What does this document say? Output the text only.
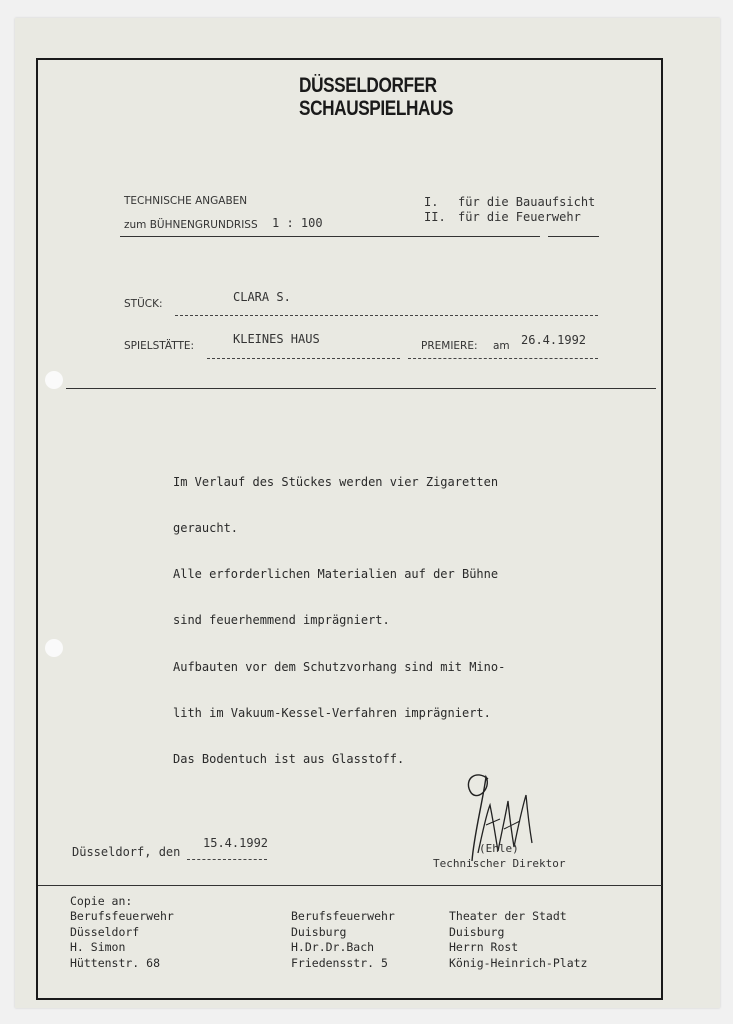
DÜSSELDORFER
SCHAUSPIELHAUS
TECHNISCHE ANGABEN
zum BÜHNENGRUNDRISS 1 : 100
I. für die Bauaufsicht
II. für die Feuerwehr
STÜCK:	CLARA S.
SPIELSTÄTTE:	KLEINES HAUS	PREMIERE: am 26.4.1992

Im Verlauf des Stückes werden vier Zigaretten

geraucht.

Alle erforderlichen Materialien auf der Bühne

sind feuerhemmend imprägniert.

Aufbauten vor dem Schutzvorhang sind mit Mino-

lith im Vakuum-Kessel-Verfahren imprägniert.

Das Bodentuch ist aus Glasstoff.

Düsseldorf, den
15.4.1992	(Ehle)
Technischer Direktor
Copie an:
Berufsfeuerwehr
Düsseldorf
H. Simon
Hüttenstr. 68
Berufsfeuerwehr
Duisburg
H.Dr.Dr.Bach
Friedensstr. 5
Theater der Stadt
Duisburg
Herrn Rost
König-Heinrich-Platz
